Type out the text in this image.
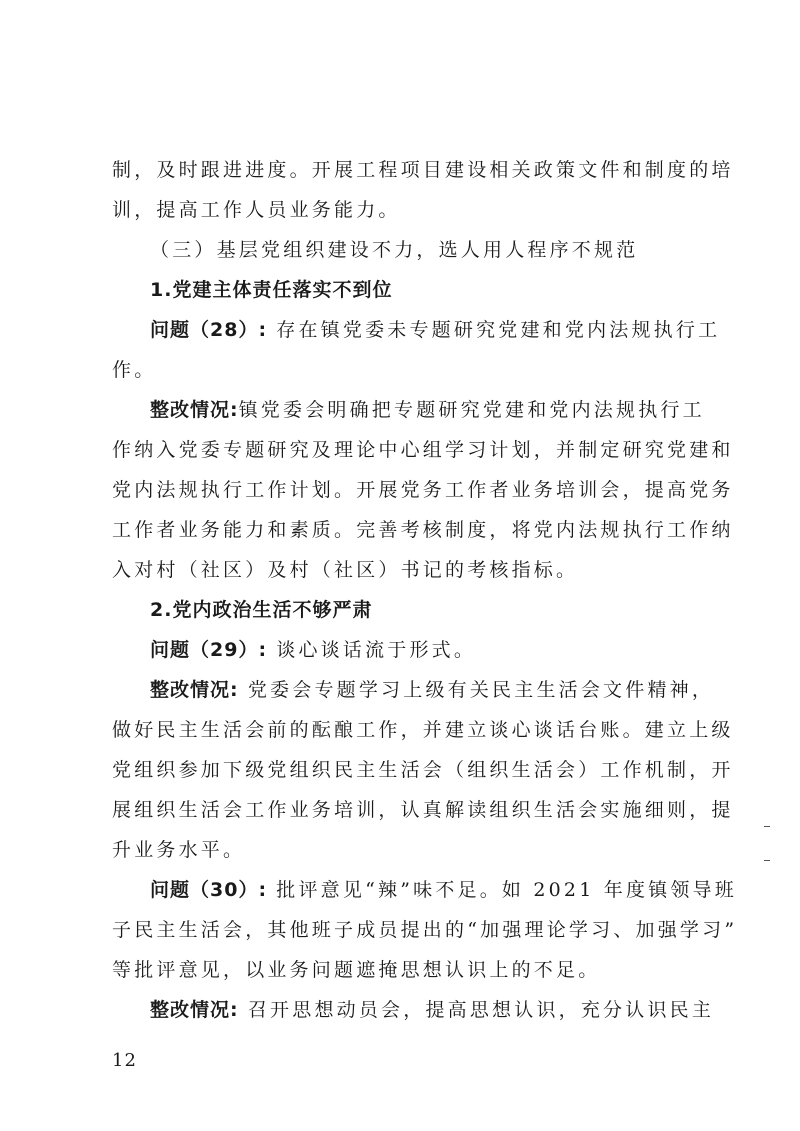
制，及时跟进进度。开展工程项目建设相关政策文件和制度的培
训，提高工作人员业务能力。
（三）基层党组织建设不力，选人用人程序不规范
1.党建主体责任落实不到位
问题（28）: 存在镇党委未专题研究党建和党内法规执行工
作。
整改情况:镇党委会明确把专题研究党建和党内法规执行工
作纳入党委专题研究及理论中心组学习计划，并制定研究党建和
党内法规执行工作计划。开展党务工作者业务培训会，提高党务
工作者业务能力和素质。完善考核制度，将党内法规执行工作纳
入对村（社区）及村（社区）书记的考核指标。
2.党内政治生活不够严肃
问题（29）: 谈心谈话流于形式。
整改情况: 党委会专题学习上级有关民主生活会文件精神，
做好民主生活会前的酝酿工作，并建立谈心谈话台账。建立上级
党组织参加下级党组织民主生活会（组织生活会）工作机制，开
展组织生活会工作业务培训，认真解读组织生活会实施细则，提
升业务水平。
问题（30）: 批评意见“辣”味不足。如 2021 年度镇领导班
子民主生活会，其他班子成员提出的“加强理论学习、加强学习”
等批评意见，以业务问题遮掩思想认识上的不足。
整改情况: 召开思想动员会，提高思想认识，充分认识民主
12
